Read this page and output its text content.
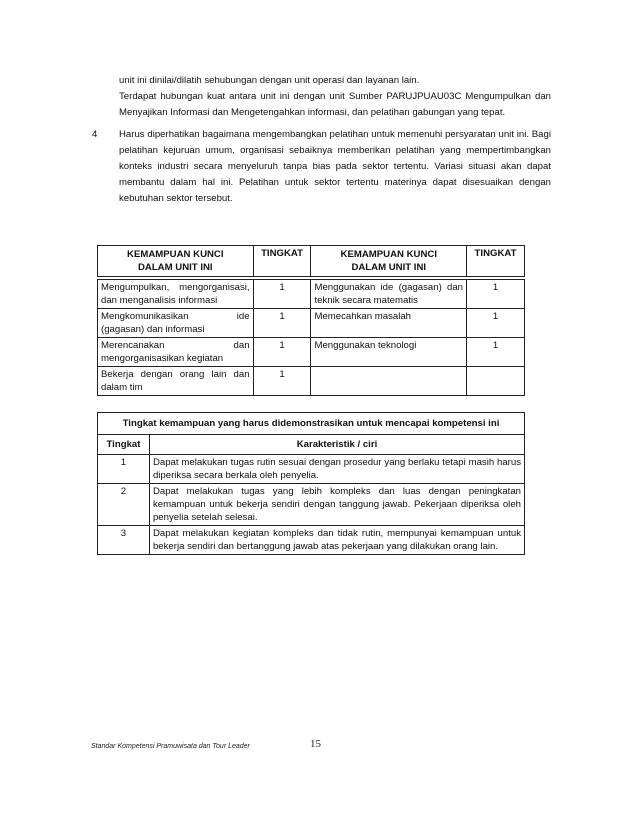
unit ini dinilai/dilatih sehubungan dengan unit operasi dan layanan lain.
Terdapat hubungan kuat antara unit ini dengan unit Sumber PARUJPUAU03C Mengumpulkan dan Menyajikan Informasi dan Mengetengahkan informasi, dan pelatihan gabungan yang tepat.
4 Harus diperhatikan bagaimana mengembangkan pelatihan untuk memenuhi persyaratan unit ini. Bagi pelatihan kejuruan umum, organisasi sebaiknya memberikan pelatihan yang mempertimbangkan konteks industri secara menyeluruh tanpa bias pada sektor tertentu. Variasi situasi akan dapat membantu dalam hal ini. Pelatihan untuk sektor tertentu materinya dapat disesuaikan dengan kebutuhan sektor tersebut.
KEMAMPUAN KUNCI DALAM UNIT INI	TINGKAT	KEMAMPUAN KUNCI DALAM UNIT INI	TINGKAT

Mengumpulkan, mengorganisasi, dan menganalisis informasi	1	Menggunakan ide (gagasan) dan teknik secara matematis	1
Mengkomunikasikan ide (gagasan) dan informasi	1	Memecahkan masalah	1
Merencanakan dan mengorganisasikan kegiatan	1	Menggunakan teknologi	1
Bekerja dengan orang lain dan dalam tim	1		
Tingkat kemampuan yang harus didemonstrasikan untuk mencapai kompetensi ini	
Tingkat	Karakteristik / ciri
1	Dapat melakukan tugas rutin sesuai dengan prosedur yang berlaku tetapi masih harus diperiksa secara berkala oleh penyelia.
2	Dapat melakukan tugas yang lebih kompleks dan luas dengan peningkatan kemampuan untuk bekerja sendiri dengan tanggung jawab. Pekerjaan diperiksa oleh penyelia setelah selesai.
3	Dapat melakukan kegiatan kompleks dan tidak rutin, mempunyai kemampuan untuk bekerja sendiri dan bertanggung jawab atas pekerjaan yang dilakukan orang lain.
Standar Kompetensi Pramuwisata dan Tour Leader	15
